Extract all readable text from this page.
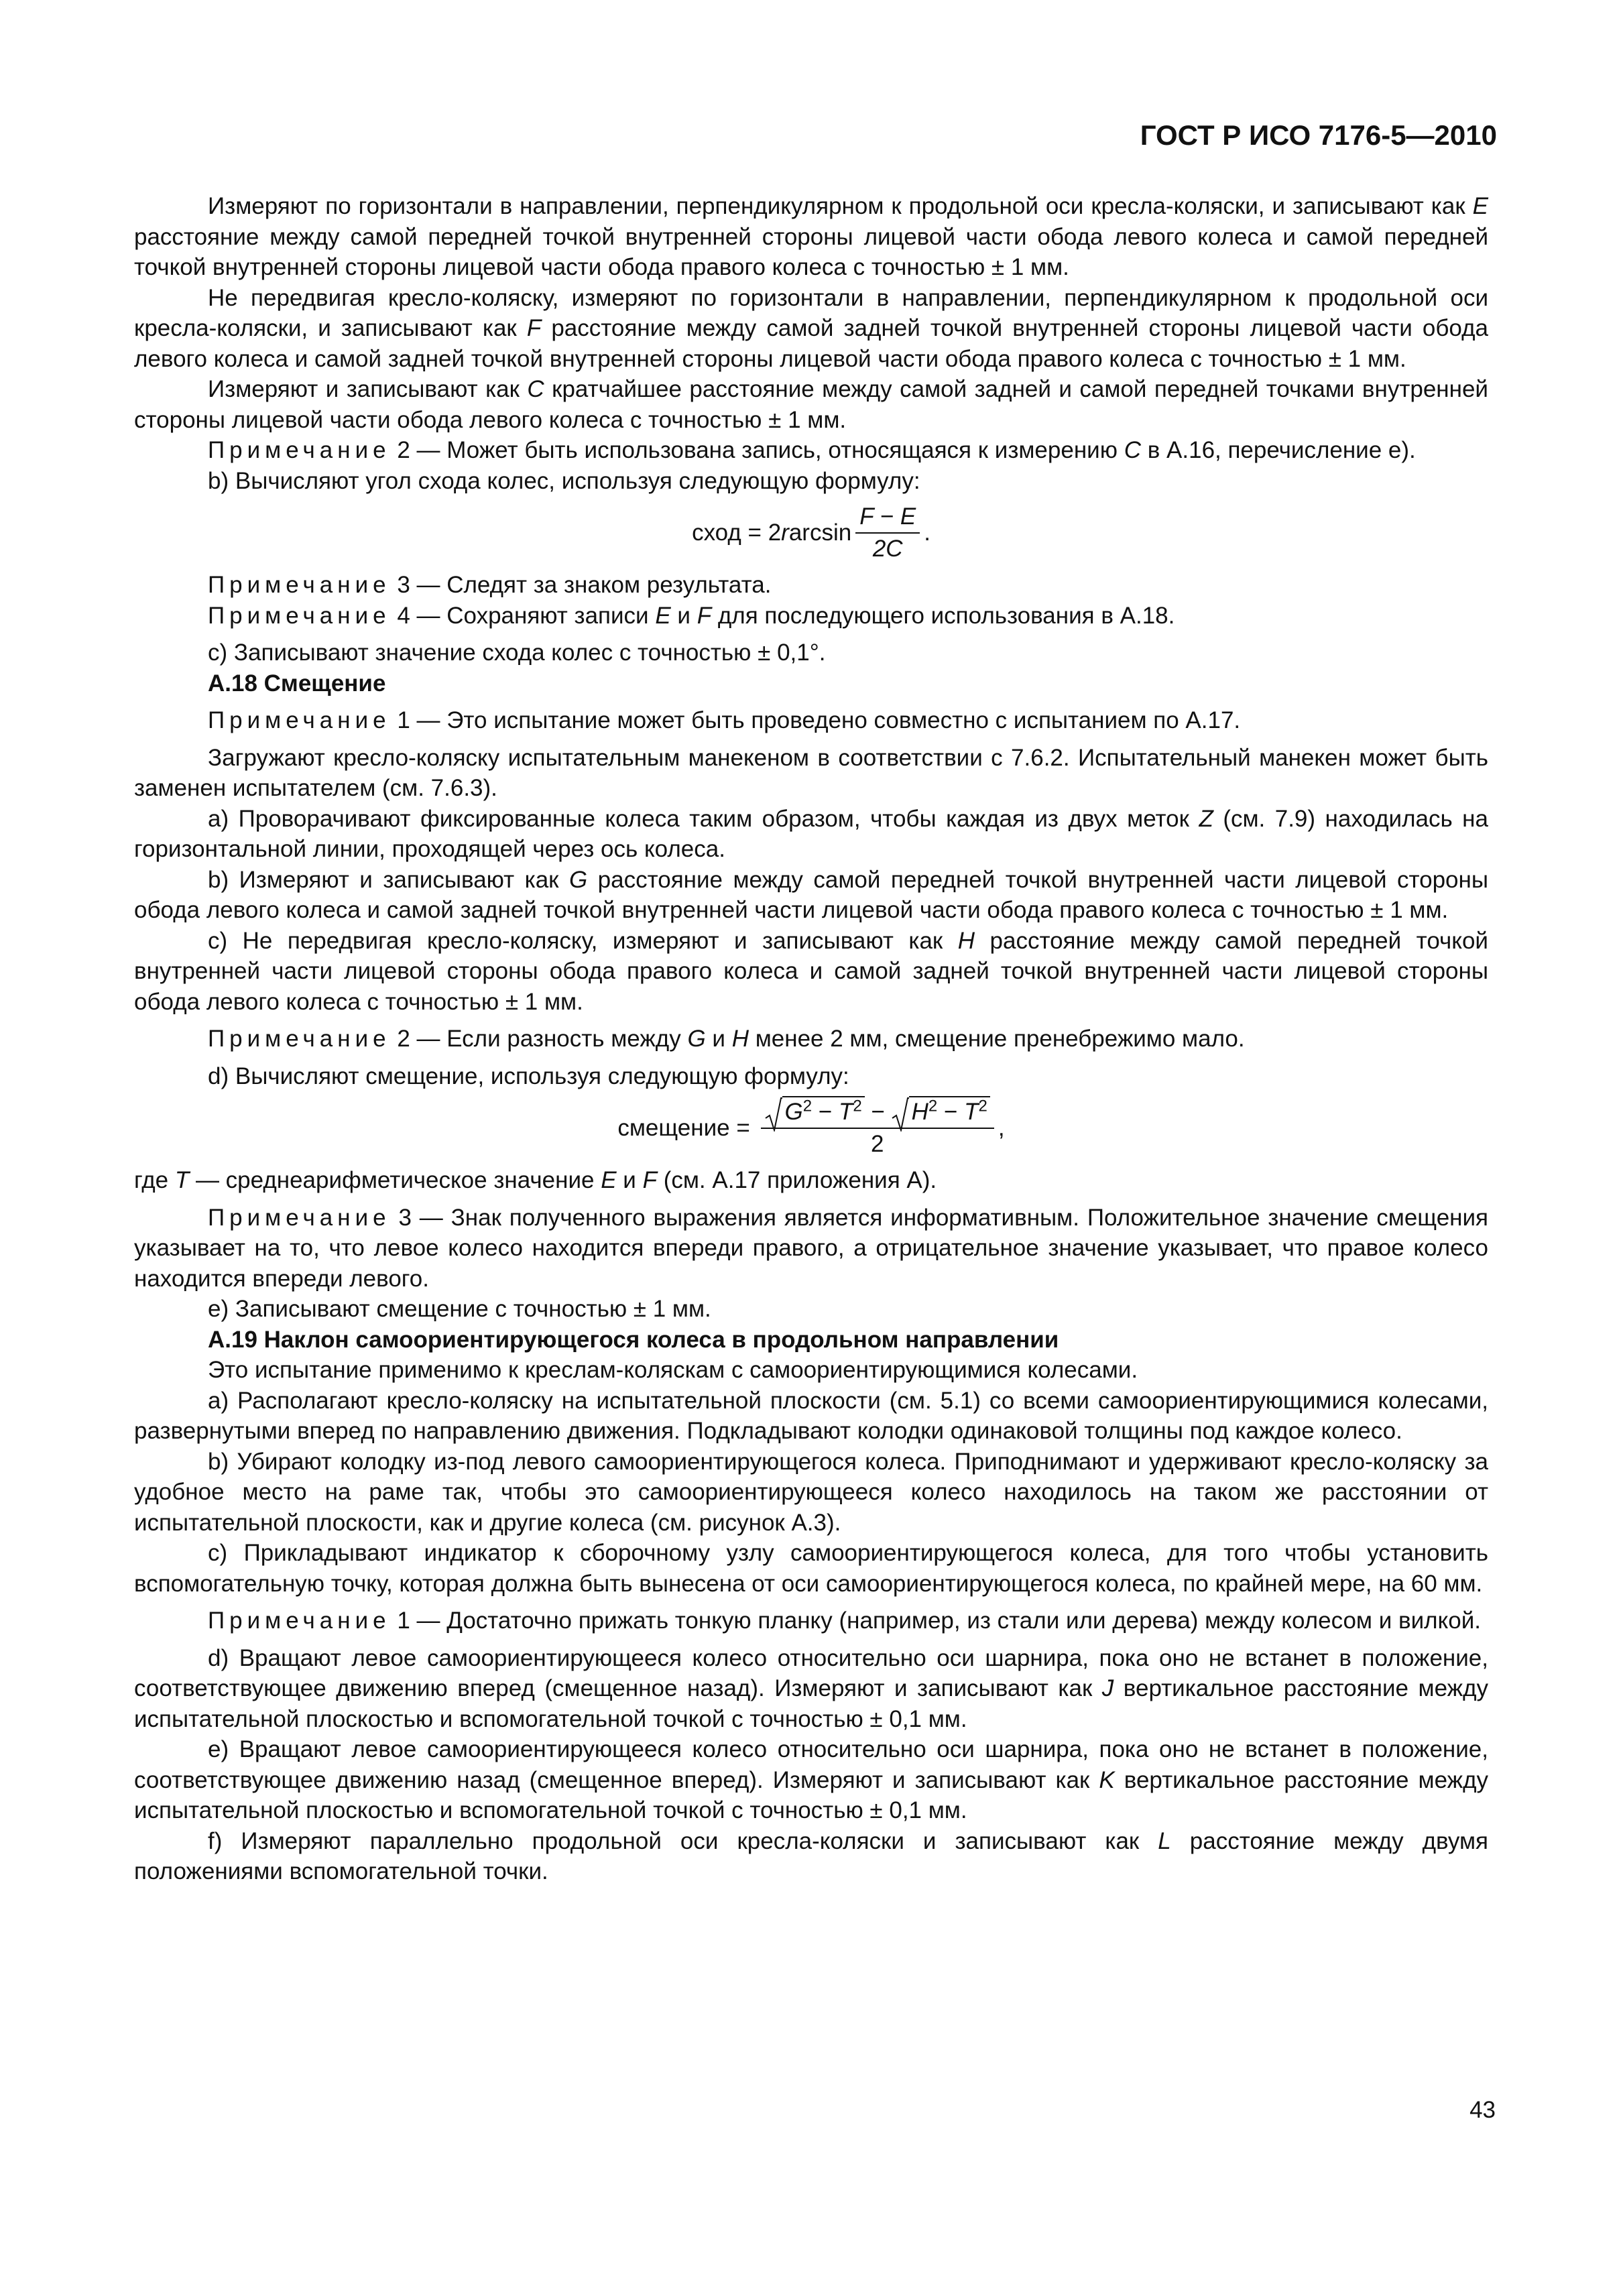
ГОСТ Р ИСО 7176-5—2010

Измеряют по горизонтали в направлении, перпендикулярном к продольной оси кресла-коляски, и записывают как E расстояние между самой передней точкой внутренней стороны лицевой части обода левого колеса и самой передней точкой внутренней стороны лицевой части обода правого колеса с точностью ± 1 мм.

Не передвигая кресло-коляску, измеряют по горизонтали в направлении, перпендикулярном к продольной оси кресла-коляски, и записывают как F расстояние между самой задней точкой внутренней стороны лицевой части обода левого колеса и самой задней точкой внутренней стороны лицевой части обода правого колеса с точностью ± 1 мм.

Измеряют и записывают как C кратчайшее расстояние между самой задней и самой передней точками внутренней стороны лицевой части обода левого колеса с точностью ± 1 мм.

Примечание 2 — Может быть использована запись, относящаяся к измерению C в А.16, перечисление е).

b) Вычисляют угол схода колес, используя следующую формулу:

сход = 2 r $\arcsin \frac{F - E}{2C}$ .

Примечание 3 — Следят за знаком результата.

Примечание 4 — Сохраняют записи E и F для последующего использования в А.18.

с) Записывают значение схода колес с точностью ± 0,1°.

А.18 Смещение

Примечание 1 — Это испытание может быть проведено совместно с испытанием по А.17.

Загружают кресло-коляску испытательным манекеном в соответствии с 7.6.2. Испытательный манекен может быть заменен испытателем (см. 7.6.3).

а) Проворачивают фиксированные колеса таким образом, чтобы каждая из двух меток Z (см. 7.9) находилась на горизонтальной линии, проходящей через ось колеса.

b) Измеряют и записывают как G расстояние между самой передней точкой внутренней части лицевой стороны обода левого колеса и самой задней точкой внутренней части лицевой части обода правого колеса с точностью ± 1 мм.

с) Не передвигая кресло-коляску, измеряют и записывают как H расстояние между самой передней точкой внутренней части лицевой стороны обода правого колеса и самой задней точкой внутренней части лицевой стороны обода левого колеса с точностью ± 1 мм.

Примечание 2 — Если разность между G и H менее 2 мм, смещение пренебрежимо мало.

d) Вычисляют смещение, используя следующую формулу:

смещение =
$G^2 - T^2$ −
$H^2 - T^2$
2 ,

где T — среднеарифметическое значение E и F (см. А.17 приложения А).

Примечание 3 — Знак полученного выражения является информативным. Положительное значение смещения указывает на то, что левое колесо находится впереди правого, а отрицательное значение указывает, что правое колесо находится впереди левого.

е) Записывают смещение с точностью ± 1 мм.

А.19 Наклон самоориентирующегося колеса в продольном направлении

Это испытание применимо к креслам-коляскам с самоориентирующимися колесами.

а) Располагают кресло-коляску на испытательной плоскости (см. 5.1) со всеми самоориентирующимися колесами, развернутыми вперед по направлению движения. Подкладывают колодки одинаковой толщины под каждое колесо.

b) Убирают колодку из-под левого самоориентирующегося колеса. Приподнимают и удерживают кресло-коляску за удобное место на раме так, чтобы это самоориентирующееся колесо находилось на таком же расстоянии от испытательной плоскости, как и другие колеса (см. рисунок А.3).

с) Прикладывают индикатор к сборочному узлу самоориентирующегося колеса, для того чтобы установить вспомогательную точку, которая должна быть вынесена от оси самоориентирующегося колеса, по крайней мере, на 60 мм.

Примечание 1 — Достаточно прижать тонкую планку (например, из стали или дерева) между колесом и вилкой.

d) Вращают левое самоориентирующееся колесо относительно оси шарнира, пока оно не встанет в положение, соответствующее движению вперед (смещенное назад). Измеряют и записывают как J вертикальное расстояние между испытательной плоскостью и вспомогательной точкой с точностью ± 0,1 мм.

е) Вращают левое самоориентирующееся колесо относительно оси шарнира, пока оно не встанет в положение, соответствующее движению назад (смещенное вперед). Измеряют и записывают как K вертикальное расстояние между испытательной плоскостью и вспомогательной точкой с точностью ± 0,1 мм.

f) Измеряют параллельно продольной оси кресла-коляски и записывают как L расстояние между двумя положениями вспомогательной точки.

43
